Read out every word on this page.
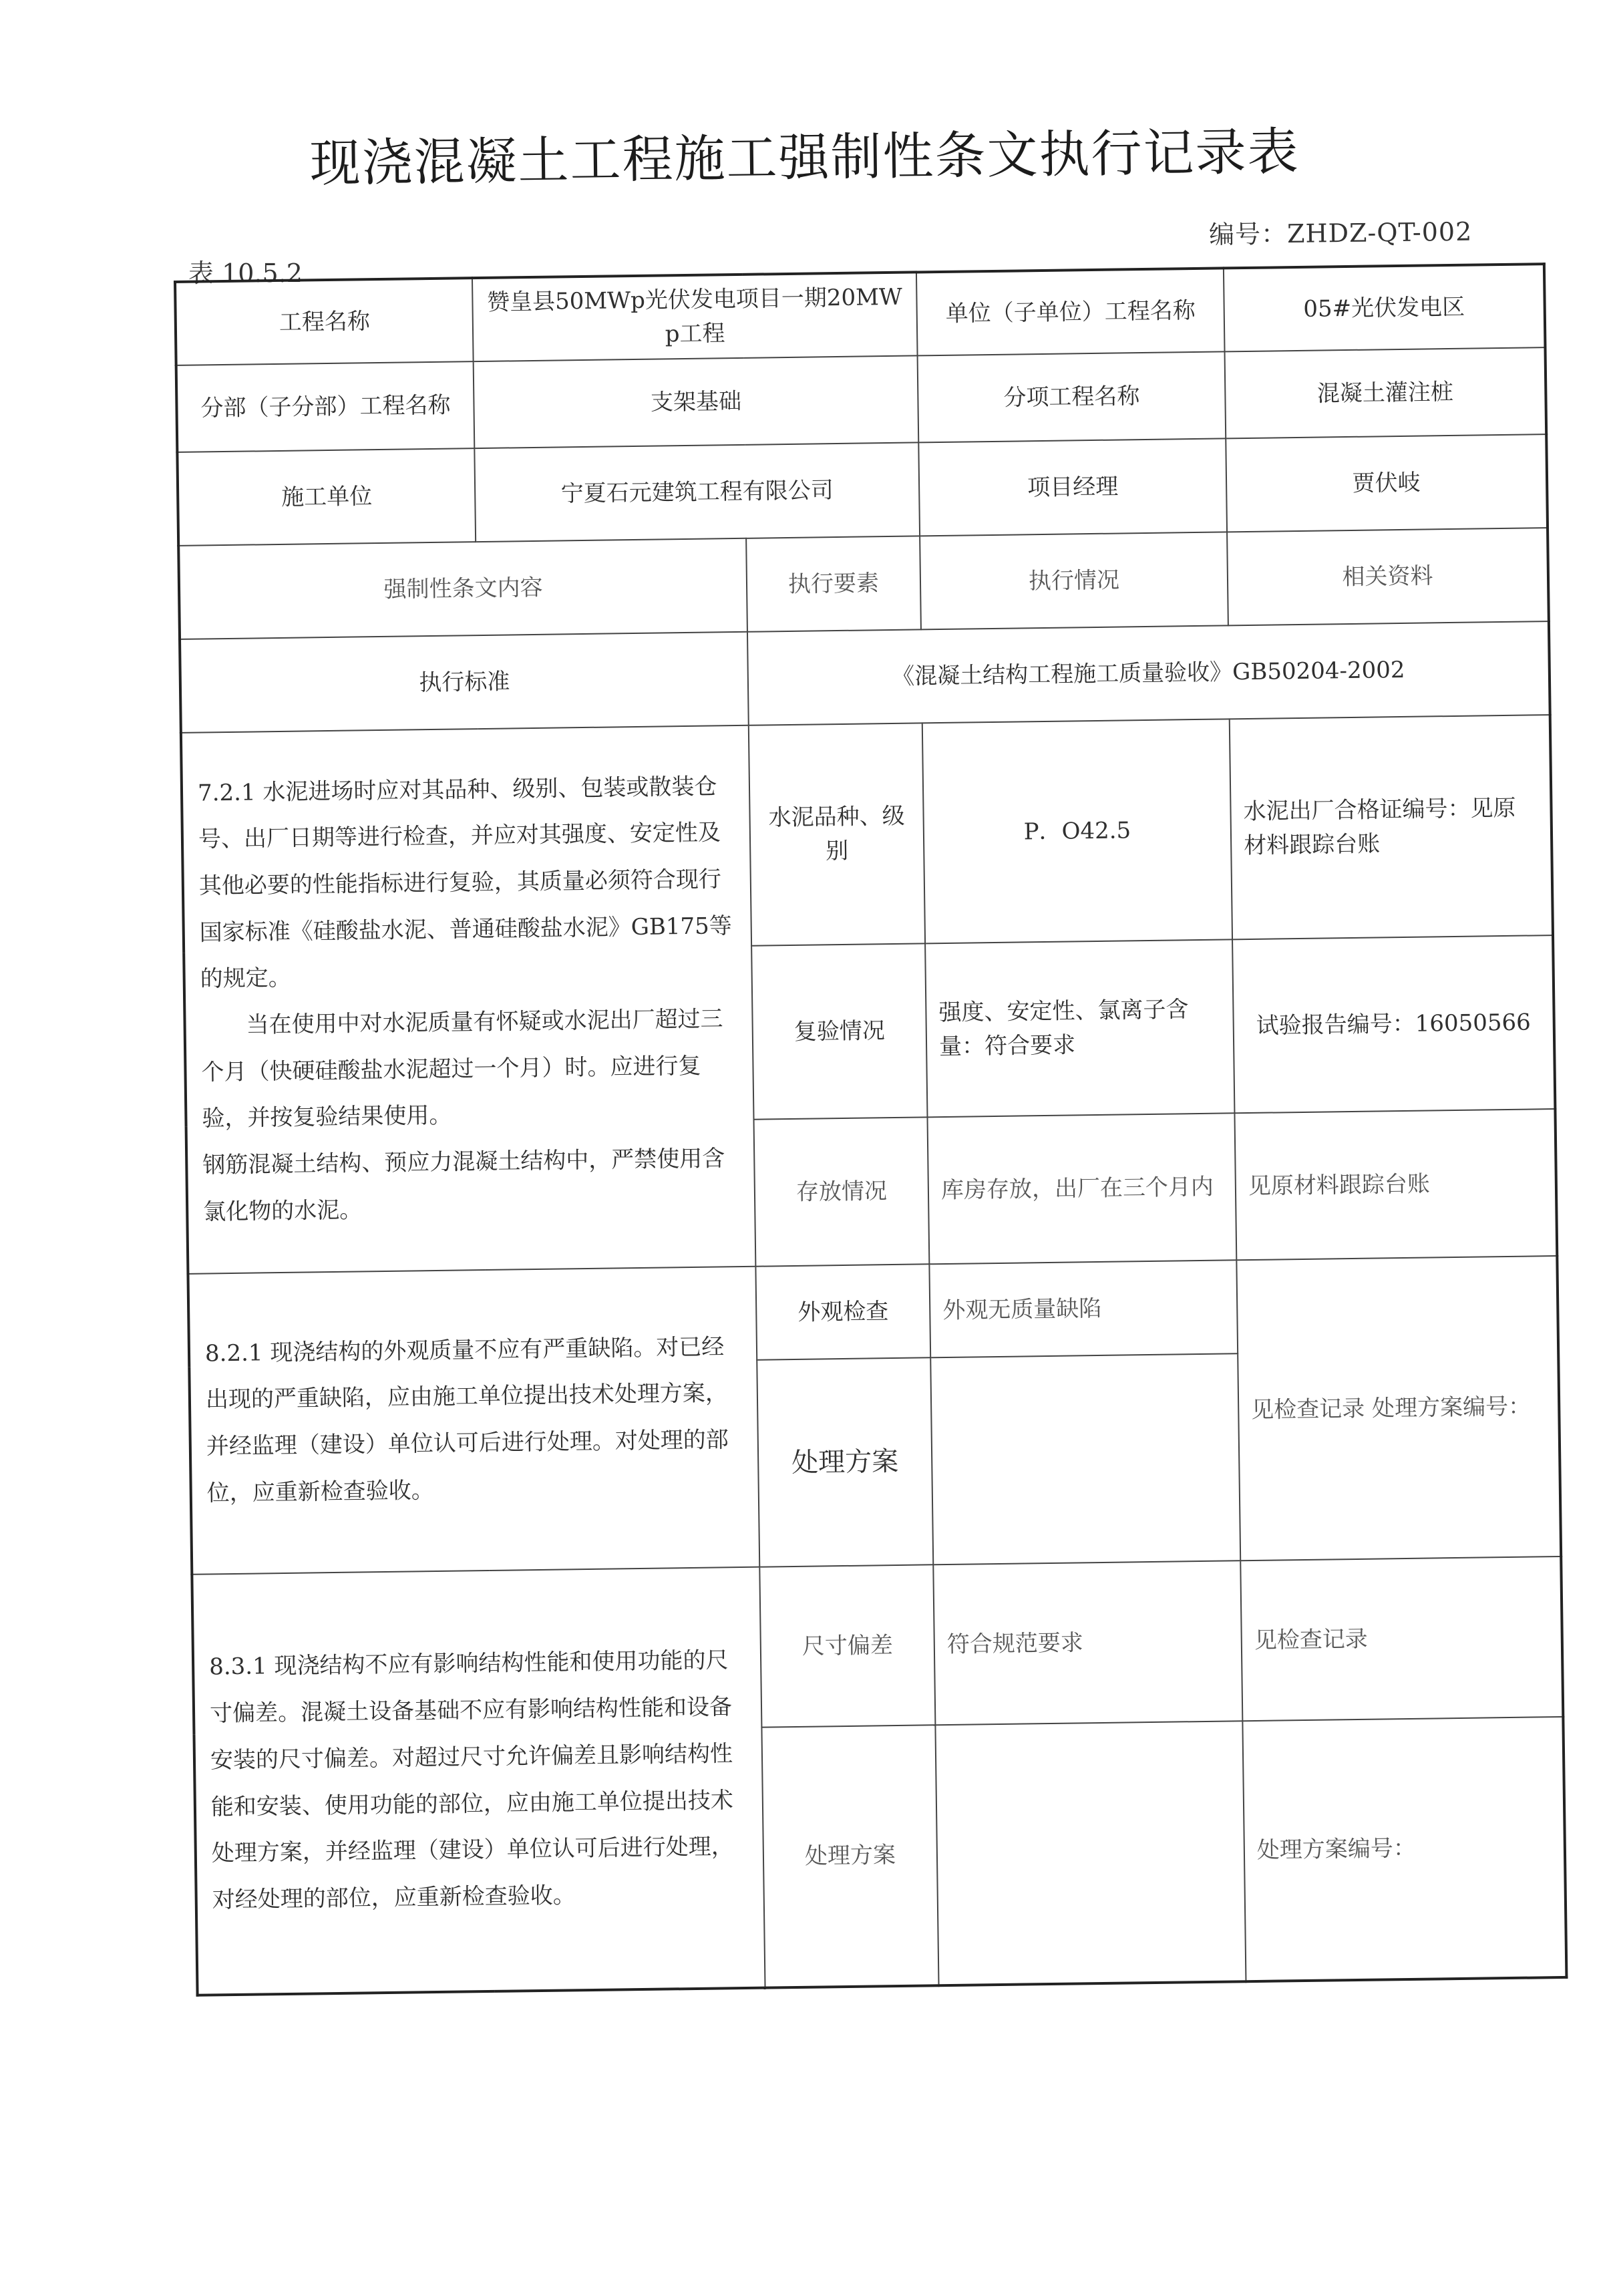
现浇混凝土工程施工强制性条文执行记录表
编号：ZHDZ-QT-002
表 10.5.2
工程名称	赞皇县50MWp光伏发电项目一期20MWp工程		单位（子单位）工程名称	05#光伏发电区
分部（子分部）工程名称	支架基础		分项工程名称	混凝土灌注桩
施工单位	宁夏石元建筑工程有限公司		项目经理	贾伏岐
强制性条文内容		执行要素	执行情况	相关资料
执行标准		《混凝土结构工程施工质量验收》GB50204-2002		

7.2.1 水泥进场时应对其品种、级别、包装或散装仓号、出厂日期等进行检查，并应对其强度、安定性及其他必要的性能指标进行复验，其质量必须符合现行国家标准《硅酸盐水泥、普通硅酸盐水泥》GB175等的规定。

当在使用中对水泥质量有怀疑或水泥出厂超过三个月（快硬硅酸盐水泥超过一个月）时。应进行复验，并按复验结果使用。

钢筋混凝土结构、预应力混凝土结构中，严禁使用含氯化物的水泥。		水泥品种、级别	P．O42.5	水泥出厂合格证编号：见原材料跟踪台账
		复验情况	强度、安定性、氯离子含量：符合要求	试验报告编号：16050566
		存放情况	库房存放，出厂在三个月内	见原材料跟踪台账

8.2.1 现浇结构的外观质量不应有严重缺陷。对已经出现的严重缺陷，应由施工单位提出技术处理方案，并经监理（建设）单位认可后进行处理。对处理的部位，应重新检查验收。		外观检查	外观无质量缺陷	见检查记录 处理方案编号：
		处理方案		

8.3.1 现浇结构不应有影响结构性能和使用功能的尺寸偏差。混凝土设备基础不应有影响结构性能和设备安装的尺寸偏差。对超过尺寸允许偏差且影响结构性能和安装、使用功能的部位，应由施工单位提出技术处理方案，并经监理（建设）单位认可后进行处理，对经处理的部位，应重新检查验收。		尺寸偏差	符合规范要求	见检查记录
		处理方案		处理方案编号：
